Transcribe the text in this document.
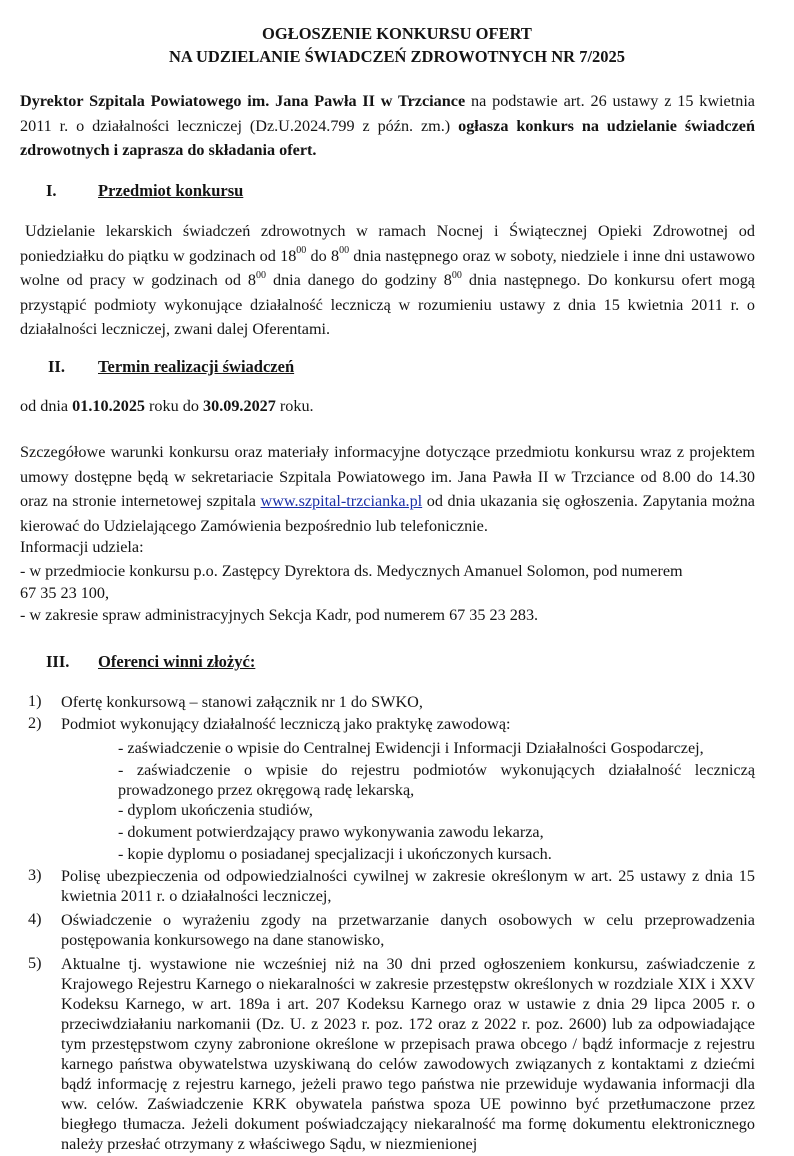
OGŁOSZENIE KONKURSU OFERT
NA UDZIELANIE ŚWIADCZEŃ ZDROWOTNYCH NR 7/2025

Dyrektor Szpitala Powiatowego im. Jana Pawła II w Trzciance na podstawie art. 26 ustawy z 15 kwietnia 2011 r. o działalności leczniczej (Dz.U.2024.799 z późn. zm.) ogłasza konkurs na udzielanie świadczeń zdrowotnych i zaprasza do składania ofert.

I.	Przedmiot konkursu

Udzielanie lekarskich świadczeń zdrowotnych w ramach Nocnej i Świątecznej Opieki Zdrowotnej od poniedziałku do piątku w godzinach od $18^{00}$ do $8^{00}$ dnia następnego oraz w soboty, niedziele i inne dni ustawowo wolne od pracy w godzinach od $8^{00}$ dnia danego do godziny $8^{00}$ dnia następnego. Do konkursu ofert mogą przystąpić podmioty wykonujące działalność leczniczą w rozumieniu ustawy z dnia 15 kwietnia 2011 r. o działalności leczniczej, zwani dalej Oferentami.

II. Termin realizacji świadczeń

od dnia 01.10.2025 roku do 30.09.2027 roku.

Szczegółowe warunki konkursu oraz materiały informacyjne dotyczące przedmiotu konkursu wraz z projektem umowy dostępne będą w sekretariacie Szpitala Powiatowego im. Jana Pawła II w Trzciance od 8.00 do 14.30 oraz na stronie internetowej szpitala www.szpital-trzcianka.pl od dnia ukazania się ogłoszenia. Zapytania można kierować do Udzielającego Zamówienia bezpośrednio lub telefonicznie.

Informacji udziela:

- w przedmiocie konkursu p.o. Zastępcy Dyrektora ds. Medycznych Amanuel Solomon, pod numerem

67 35 23 100,

- w zakresie spraw administracyjnych Sekcja Kadr, pod numerem 67 35 23 283.

III. Oferenci winni złożyć:
1) Ofertę konkursową – stanowi załącznik nr 1 do SWKO,

2) Podmiot wykonujący działalność leczniczą jako praktykę zawodową:

- zaświadczenie o wpisie do Centralnej Ewidencji i Informacji Działalności Gospodarczej,

- zaświadczenie o wpisie do rejestru podmiotów wykonujących działalność leczniczą prowadzonego przez okręgową radę lekarską,

- dyplom ukończenia studiów,

- dokument potwierdzający prawo wykonywania zawodu lekarza,

- kopie dyplomu o posiadanej specjalizacji i ukończonych kursach.

3) Polisę ubezpieczenia od odpowiedzialności cywilnej w zakresie określonym w art. 25 ustawy z dnia 15 kwietnia 2011 r. o działalności leczniczej,

4) Oświadczenie o wyrażeniu zgody na przetwarzanie danych osobowych w celu przeprowadzenia postępowania konkursowego na dane stanowisko,

5) Aktualne tj. wystawione nie wcześniej niż na 30 dni przed ogłoszeniem konkursu, zaświadczenie z Krajowego Rejestru Karnego o niekaralności w zakresie przestępstw określonych w rozdziale XIX i XXV Kodeksu Karnego, w art. 189a i art. 207 Kodeksu Karnego oraz w ustawie z dnia 29 lipca 2005 r. o przeciwdziałaniu narkomanii (Dz. U. z 2023 r. poz. 172 oraz z 2022 r. poz. 2600) lub za odpowiadające tym przestępstwom czyny zabronione określone w przepisach prawa obcego / bądź informacje z rejestru karnego państwa obywatelstwa uzyskiwaną do celów zawodowych związanych z kontaktami z dziećmi bądź informację z rejestru karnego, jeżeli prawo tego państwa nie przewiduje wydawania informacji dla ww. celów. Zaświadczenie KRK obywatela państwa spoza UE powinno być przetłumaczone przez biegłego tłumacza. Jeżeli dokument poświadczający niekaralność ma formę dokumentu elektronicznego należy przesłać otrzymany z właściwego Sądu, w niezmienionej
